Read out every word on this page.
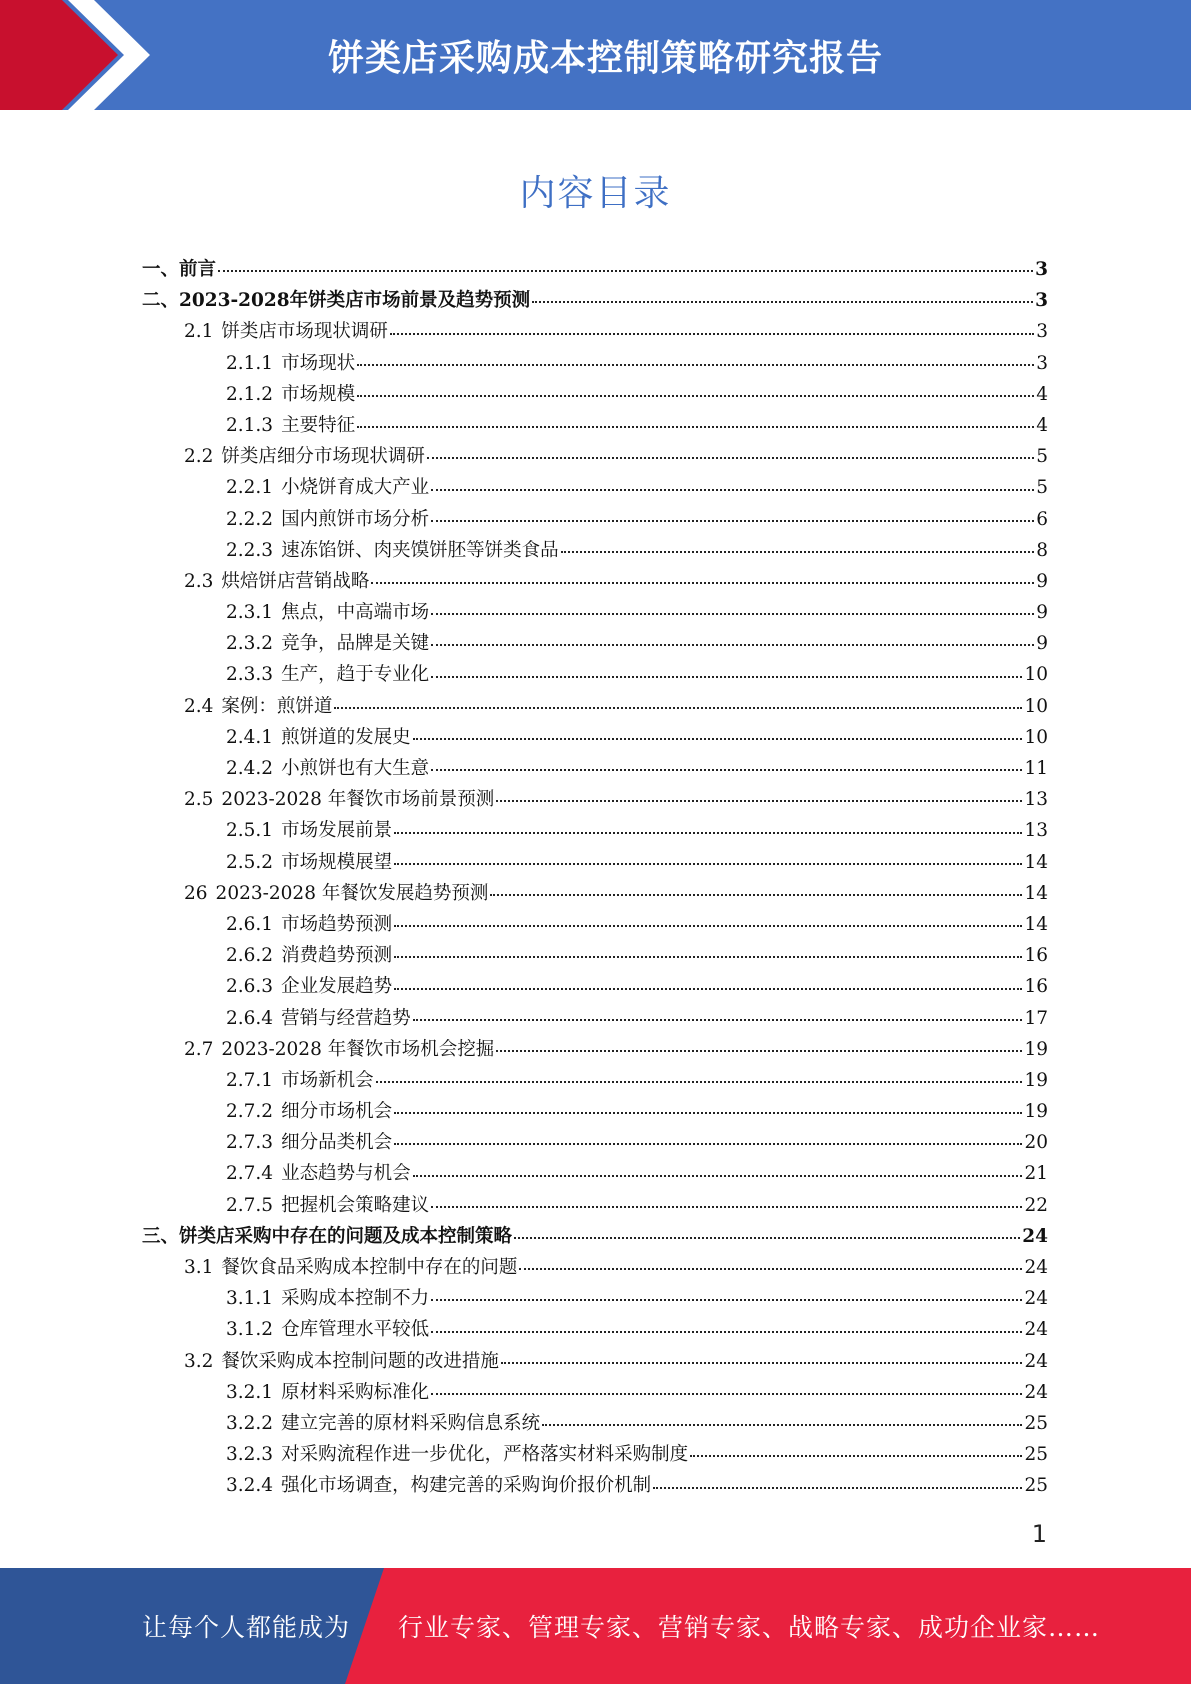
饼类店采购成本控制策略研究报告
内容目录
一、前言	3
二、2023-2028年饼类店市场前景及趋势预测	3
2.1 饼类店市场现状调研	3
2.1.1 市场现状	3
2.1.2 市场规模	4
2.1.3 主要特征	4
2.2 饼类店细分市场现状调研	5
2.2.1 小烧饼育成大产业	5
2.2.2 国内煎饼市场分析	6
2.2.3 速冻馅饼、肉夹馍饼胚等饼类食品	8
2.3 烘焙饼店营销战略	9
2.3.1 焦点，中高端市场	9
2.3.2 竞争，品牌是关键	9
2.3.3 生产，趋于专业化	10
2.4 案例：煎饼道	10
2.4.1 煎饼道的发展史	10
2.4.2 小煎饼也有大生意	11
2.5 2023-2028 年餐饮市场前景预测	13
2.5.1 市场发展前景	13
2.5.2 市场规模展望	14
26 2023-2028 年餐饮发展趋势预测	14
2.6.1 市场趋势预测	14
2.6.2 消费趋势预测	16
2.6.3 企业发展趋势	16
2.6.4 营销与经营趋势	17
2.7 2023-2028 年餐饮市场机会挖掘	19
2.7.1 市场新机会	19
2.7.2 细分市场机会	19
2.7.3 细分品类机会	20
2.7.4 业态趋势与机会	21
2.7.5 把握机会策略建议	22
三、饼类店采购中存在的问题及成本控制策略	24
3.1 餐饮食品采购成本控制中存在的问题	24
3.1.1 采购成本控制不力	24
3.1.2 仓库管理水平较低	24
3.2 餐饮采购成本控制问题的改进措施	24
3.2.1 原材料采购标准化	24
3.2.2 建立完善的原材料采购信息系统	25
3.2.3 对采购流程作进一步优化，严格落实材料采购制度	25
3.2.4 强化市场调查，构建完善的采购询价报价机制	25
1
让每个人都能成为 行业专家、管理专家、营销专家、战略专家、成功企业家……
